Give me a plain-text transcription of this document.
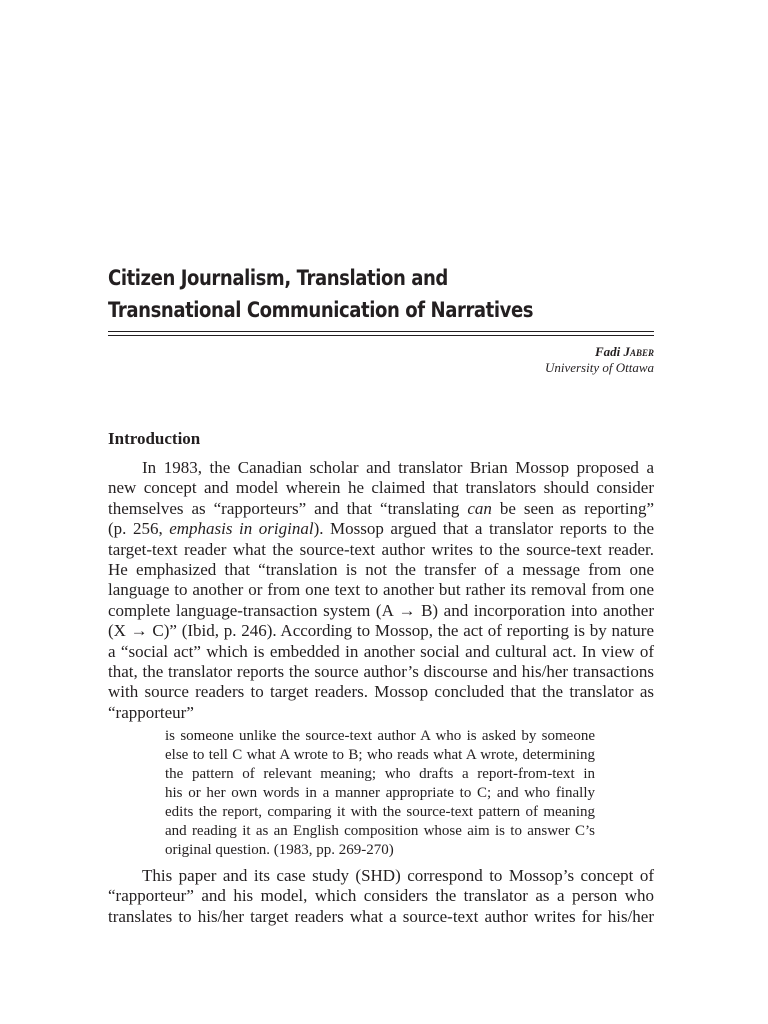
Citizen Journalism, Translation and
Transnational Communication of Narratives
Fadi Jaber
University of Ottawa
Introduction
In 1983, the Canadian scholar and translator Brian Mossop proposed a
new concept and model wherein he claimed that translators should consider
themselves as “rapporteurs” and that “translating can be seen as reporting”
(p. 256, emphasis in original). Mossop argued that a translator reports to the
target-text reader what the source-text author writes to the source-text reader.
He emphasized that “translation is not the transfer of a message from one
language to another or from one text to another but rather its removal from one
complete language-transaction system (A → B) and incorporation into another
(X → C)” (Ibid, p. 246). According to Mossop, the act of reporting is by nature
a “social act” which is embedded in another social and cultural act. In view of
that, the translator reports the source author’s discourse and his/her transactions
with source readers to target readers. Mossop concluded that the translator as
“rapporteur”
is someone unlike the source-text author A who is asked by someone
else to tell C what A wrote to B; who reads what A wrote, determining
the pattern of relevant meaning; who drafts a report-from-text in
his or her own words in a manner appropriate to C; and who finally
edits the report, comparing it with the source-text pattern of meaning
and reading it as an English composition whose aim is to answer C’s
original question. (1983, pp. 269-270)
This paper and its case study (SHD) correspond to Mossop’s concept of
“rapporteur” and his model, which considers the translator as a person who
translates to his/her target readers what a source-text author writes for his/her
